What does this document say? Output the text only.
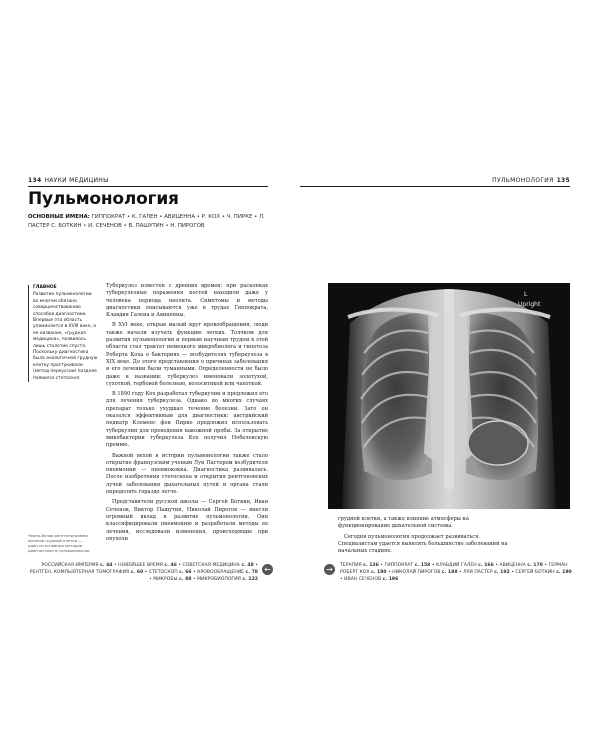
134 НАУКИ МЕДИЦИНЫ
Пульмонология
ОСНОВНЫЕ ИМЕНА: ГИППОКРАТ • К. ГАЛЕН • АВИЦЕННА • Р. КОХ • Ч. ПИРКЕ • Л. ПАСТЕР С. БОТКИН • И. СЕЧЕНОВ • В. ПАШУТИН • Н. ПИРОГОВ
ГЛАВНОЕ
Развитие пульмонологии во многом обязано совершенствованию способов диагностики. Впервые эта область упоминается в XVIII веке, а ее название, «грудная медицина», появилось лишь столетие спустя. Поскольку диагностика была аналогичной грудную клетку простукивали (метод перкуссии) позднее появился стетоскоп.

Туберкулез известен с древних времен: при раскопках туберкулезные поражения костей находили даже у человека периода неолита. Симптомы и методы диагностики описываются уже в трудах Гиппократа, Клавдия Галена и Авиценны.

В XVI веке, открыв малый круг кровообращения, люди также начали изучать функцию легких. Толчком для развития пульмонологии и первым научным трудом в этой области стал трактат немецкого микробиолога и гипотеза Роберта Коха о бактериях — возбудителях туберкулеза в XIX веке. До этого представления о причинах заболевания и его лечении были туманными. Определенности не было даже в названии: туберкулез именовали золотухой, сухоткой, гербовой болезнью, волоситикой или чахоткой.

В 1890 году Кох разработал туберкулин и предложил его для лечения туберкулеза. Однако во многих случаях препарат только ухудшал течение болезни. Зато он оказался эффективным для диагностики: австрийский педиатр Клеменс фон Пирке предложил использовать туберкулин для проведения накожной пробы. За открытие микобактерии туберкулеза Кох получил Нобелевскую премию.

Важной вехой в истории пульмонологии также стало открытие французским ученым Луи Пастером возбудителя пневмонии — пневмококка. Диагностика развивалась. После изобретения стетоскопа и открытия рентгеновских лучей заболевания дыхательных путей и органа стали определять гораздо легче.

Представители русской школы — Сергей Боткин, Иван Сеченов, Виктор Пашутин, Николай Пирогов — внесли огромный вклад в развитие пульмонологии. Они классифицировали пневмонию и разработали методы ее лечения, исследовали изменения, происходящие при опухоли

Черно-белая рентгенограмма органов грудной клетки — один из основных методов диагностики в пульмонологии
РОССИЙСКАЯ ИМПЕРИЯ с. 44 • НОВЕЙШЕЕ ВРЕМЯ с. 46 • СОВЕТСКАЯ МЕДИЦИНА с. 48 • РЕНТГЕН, КОМПЬЮТЕРНАЯ ТОМОГРАФИЯ с. 60 • СТЕТОСКОП с. 66 • КРОВООБРАЩЕНИЕ с. 78 • МИКРОБЫ с. 88 • МИКРОБИОЛОГИЯ с. 122
←
ПУЛЬМОНОЛОГИЯ 135
L
Upright

грудной клетки, а также влияние атмосферы на функционирование дыхательной системы.

Сегодня пульмонология продолжает развиваться. Специалистам удается выявлять большинство заболеваний на начальных стадиях.

→	ТЕРАПИЯ с. 136 • ГИППОКРАТ с. 158 • КЛАВДИЙ ГАЛЕН с. 166 • АВИЦЕННА с. 170 • ГЕРМАН РОБЕРТ КОХ с. 180 • НИКОЛАЙ ПИРОГОВ с. 188 • ЛУИ ПАСТЕР с. 192 • СЕРГЕЙ БОТКИН с. 190 • ИВАН СЕЧЕНОВ с. 196
